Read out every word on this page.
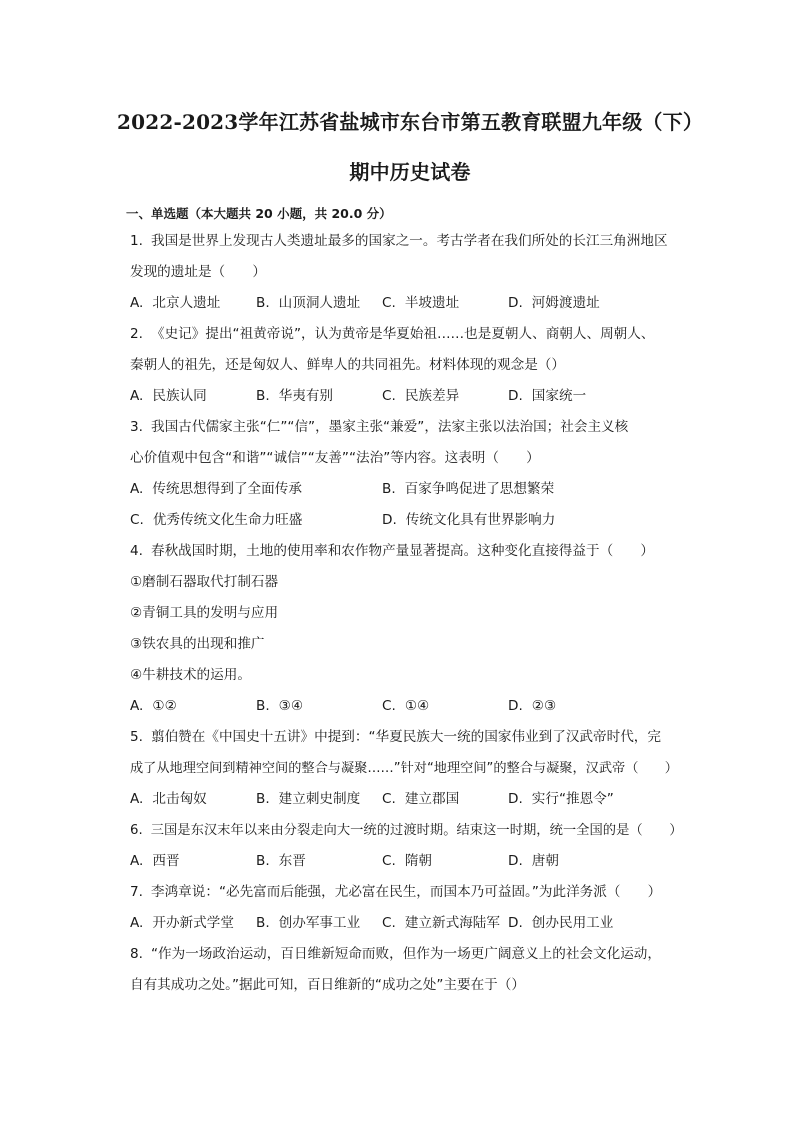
2022-2023学年江苏省盐城市东台市第五教育联盟九年级（下）
期中历史试卷
一、单选题（本大题共 20 小题，共 20.0 分）
1. 我国是世界上发现古人类遗址最多的国家之一。考古学者在我们所处的长江三角洲地区
发现的遗址是（　　）
A. 北京人遗址	B. 山顶洞人遗址	C. 半坡遗址	D. 河姆渡遗址
2. 《史记》提出“祖黄帝说”，认为黄帝是华夏始祖……也是夏朝人、商朝人、周朝人、
秦朝人的祖先，还是匈奴人、鲜卑人的共同祖先。材料体现的观念是（）
A. 民族认同	B. 华夷有别	C. 民族差异	D. 国家统一
3. 我国古代儒家主张“仁”“信”，墨家主张“兼爱”，法家主张以法治国；社会主义核
心价值观中包含“和谐”“诚信”“友善”“法治”等内容。这表明（　　）
A. 传统思想得到了全面传承	B. 百家争鸣促进了思想繁荣
C. 优秀传统文化生命力旺盛	D. 传统文化具有世界影响力
4. 春秋战国时期，土地的使用率和农作物产量显著提高。这种变化直接得益于（　　）
①磨制石器取代打制石器
②青铜工具的发明与应用
③铁农具的出现和推广
④牛耕技术的运用。
A. ①②	B. ③④	C. ①④	D. ②③
5. 翦伯赞在《中国史十五讲》中提到：“华夏民族大一统的国家伟业到了汉武帝时代，完
成了从地理空间到精神空间的整合与凝聚……”针对“地理空间”的整合与凝聚，汉武帝（　　）
A. 北击匈奴	B. 建立刺史制度	C. 建立郡国	D. 实行“推恩令”
6. 三国是东汉末年以来由分裂走向大一统的过渡时期。结束这一时期，统一全国的是（　　）
A. 西晋	B. 东晋	C. 隋朝	D. 唐朝
7. 李鸿章说：“必先富而后能强，尤必富在民生，而国本乃可益固。”为此洋务派（　　）
A. 开办新式学堂	B. 创办军事工业	C. 建立新式海陆军 D. 创办民用工业
8. “作为一场政治运动，百日维新短命而败，但作为一场更广阔意义上的社会文化运动，
自有其成功之处。”据此可知，百日维新的“成功之处”主要在于（）
